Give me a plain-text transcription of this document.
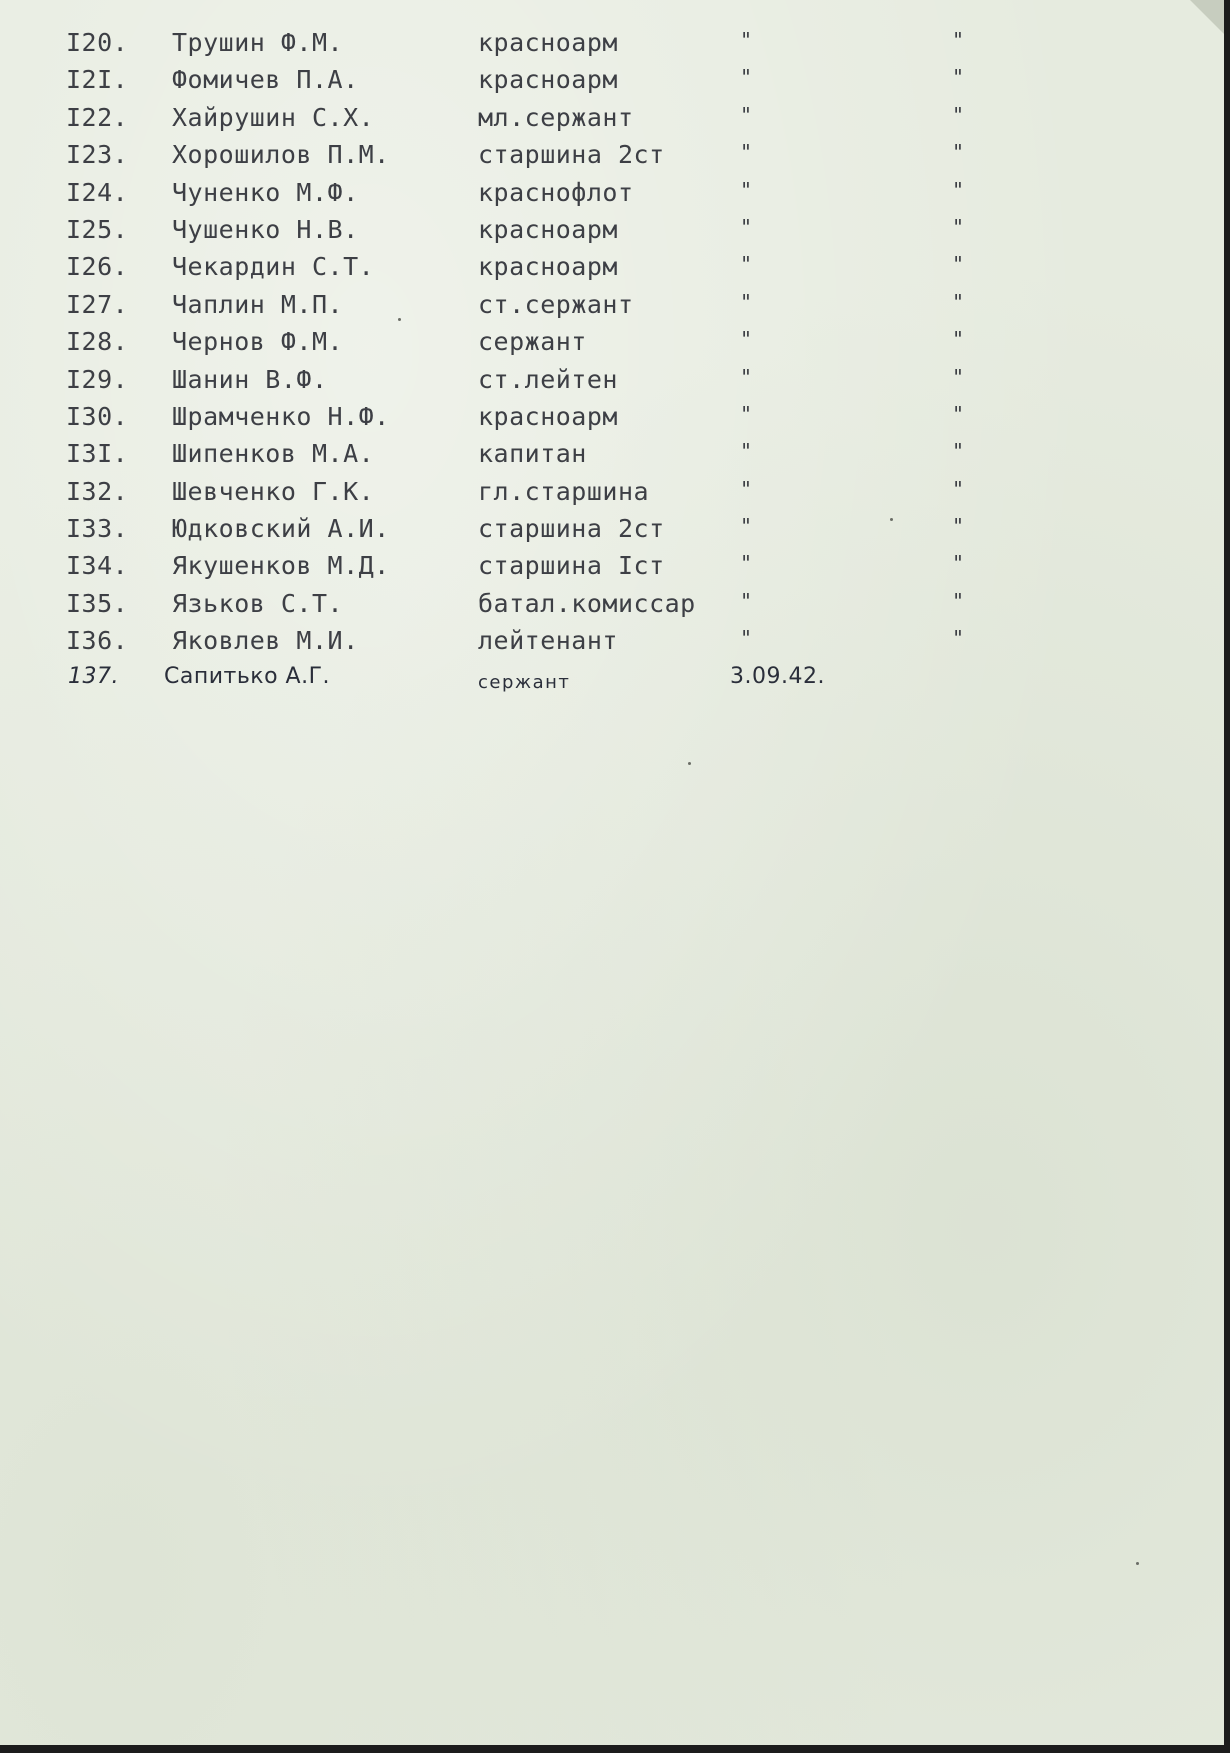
I20. Трушин Ф.М.	красноарм	"	"
I2I. Фомичев П.А.	красноарм	"	"
I22. Хайрушин С.Х.	мл.сержант	"	"
I23. Хорошилов П.М.	старшина 2ст	"	"
I24. Чуненко М.Ф.	краснофлот	"	"
I25. Чушенко Н.В.	красноарм	"	"
I26. Чекардин С.Т.	красноарм	"	"
I27. Чаплин М.П.	ст.сержант	"	"
I28. Чернов Ф.М.	сержант	"	"
I29. Шанин В.Ф.	ст.лейтен	"	"
I30. Шрамченко Н.Ф.	красноарм	"	"
I3I. Шипенков М.А.	капитан	"	"
I32. Шевченко Г.К.	гл.старшина	"	"
I33. Юдковский А.И.	старшина 2ст	"	"
I34. Якушенков М.Д.	старшина Iст	"	"
I35. Язьков С.Т.	батал.комиссар "	"
I36. Яковлев М.И.	лейтенант	"	"
137. Сапитько А.Г.	сержант	3.09.42.
